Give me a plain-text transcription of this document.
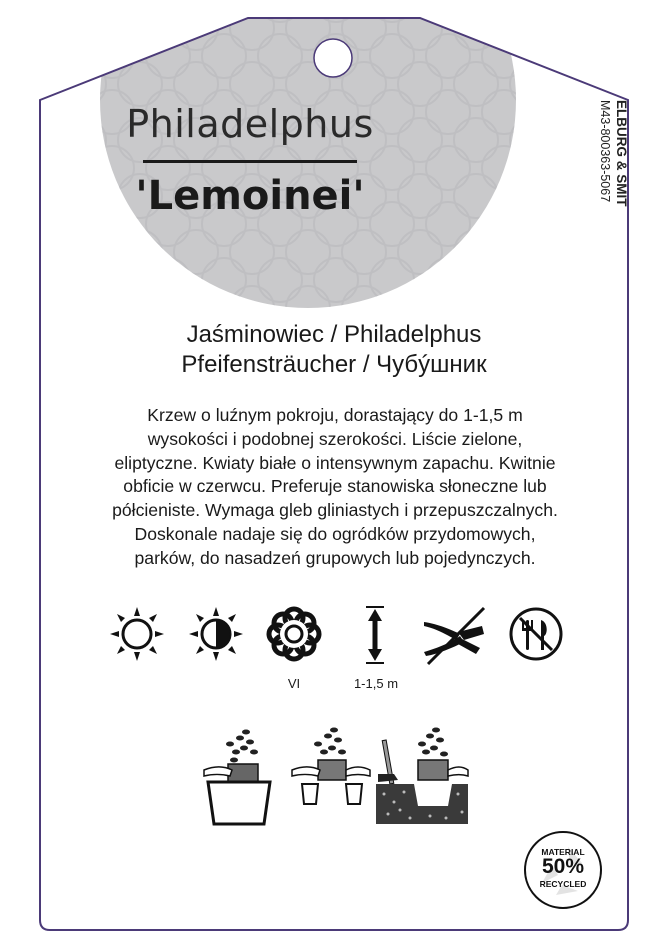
Philadelphus
'Lemoinei'	ELBURG & SMIT
M43-800363-5067
Jaśminowiec / Philadelphus
Pfeifensträucher / Чубýшник
Krzew o luźnym pokroju, dorastający do 1-1,5 m
wysokości i podobnej szerokości. Liście zielone,
eliptyczne. Kwiaty białe o intensywnym zapachu. Kwitnie
obficie w czerwcu. Preferuje stanowiska słoneczne lub
półcieniste. Wymaga gleb gliniastych i przepuszczalnych.
Doskonale nadaje się do ogródków przydomowych,
parków, do nasadzeń grupowych lub pojedynczych.
VI	1-1,5 m
MATERIAL
50%
RECYCLED
